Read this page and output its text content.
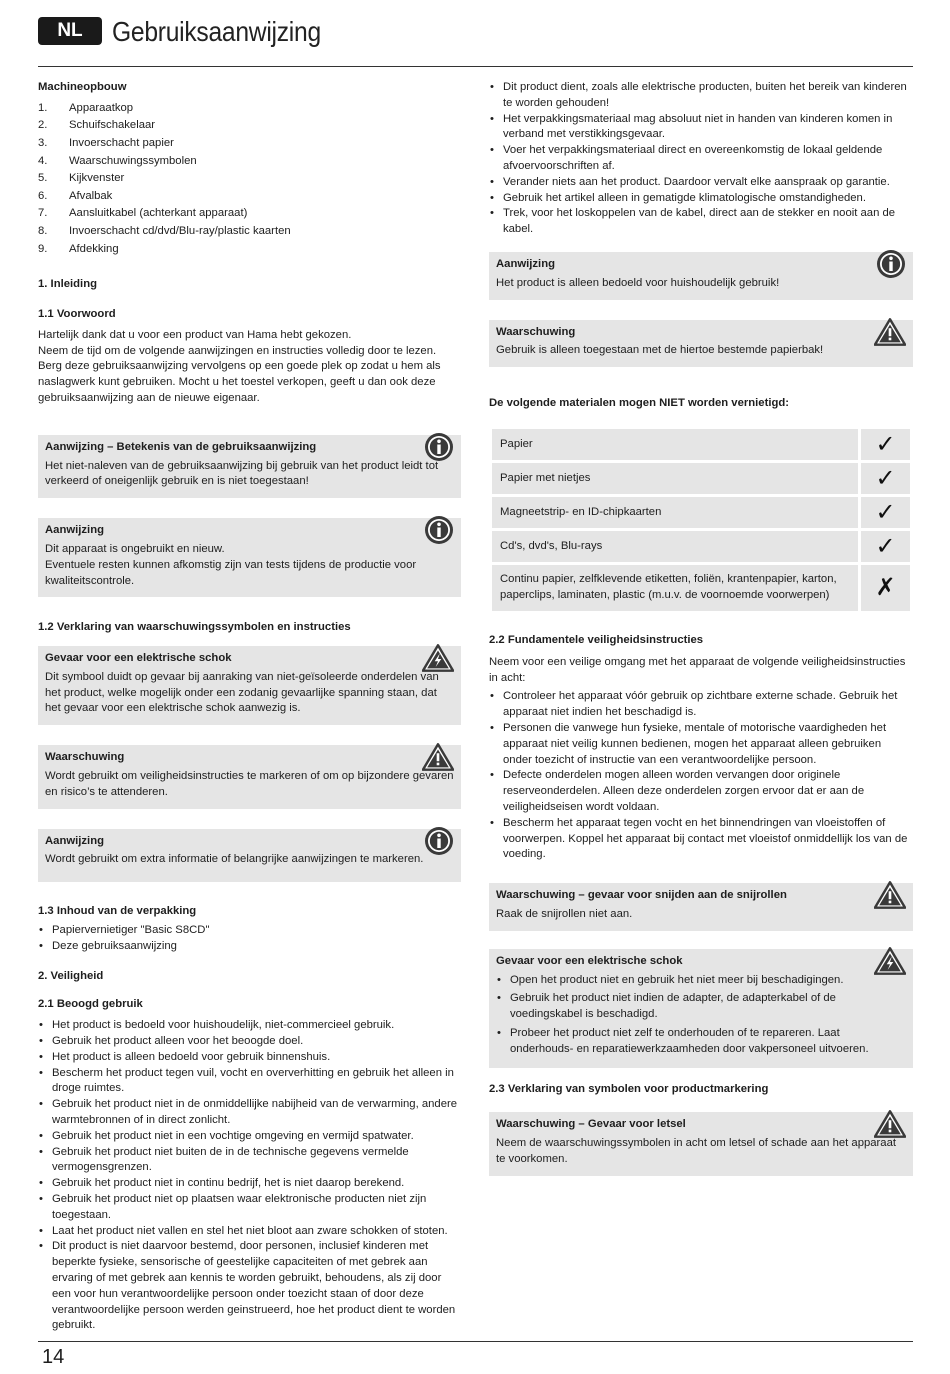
NL	Gebruiksaanwijzing
Machineopbouw
1. Apparaatkop
2. Schuifschakelaar
3. Invoerschacht papier
4. Waarschuwingssymbolen
5. Kijkvenster
6. Afvalbak
7. Aansluitkabel (achterkant apparaat)
8. Invoerschacht cd/dvd/Blu-ray/plastic kaarten
9. Afdekking
1. Inleiding
1.1 Voorwoord

Hartelijk dank dat u voor een product van Hama hebt gekozen.

Neem de tijd om de volgende aanwijzingen en instructies volledig door te lezen. Berg deze gebruiksaanwijzing vervolgens op een goede plek op zodat u hem als naslagwerk kunt gebruiken. Mocht u het toestel verkopen, geeft u dan ook deze gebruiksaanwijzing aan de nieuwe eigenaar.

Aanwijzing – Betekenis van de gebruiksaanwijzing

Het niet-naleven van de gebruiksaanwijzing bij gebruik van het product leidt tot verkeerd of oneigenlijk gebruik en is niet toegestaan!

Aanwijzing

Dit apparaat is ongebruikt en nieuw.

Eventuele resten kunnen afkomstig zijn van tests tijdens de productie voor kwaliteitscontrole.

1.2 Verklaring van waarschuwingssymbolen en instructies
Gevaar voor een elektrische schok

Dit symbool duidt op gevaar bij aanraking van niet-geïsoleerde onderdelen van het product, welke mogelijk onder een zodanig gevaarlijke spanning staan, dat het gevaar voor een elektrische schok aanwezig is.

Waarschuwing

Wordt gebruikt om veiligheidsinstructies te markeren of om op bijzondere gevaren en risico’s te attenderen.

Aanwijzing

Wordt gebruikt om extra informatie of belangrijke aanwijzingen te markeren.

1.3 Inhoud van de verpakking
• Papiervernietiger "Basic S8CD"
• Deze gebruiksaanwijzing
2. Veiligheid
2.1 Beoogd gebruik
• Het product is bedoeld voor huishoudelijk, niet-commercieel gebruik.
• Gebruik het product alleen voor het beoogde doel.
• Het product is alleen bedoeld voor gebruik binnenshuis.
• Bescherm het product tegen vuil, vocht en oververhitting en gebruik het alleen in droge ruimtes.
• Gebruik het product niet in de onmiddellijke nabijheid van de verwarming, andere warmtebronnen of in direct zonlicht.
• Gebruik het product niet in een vochtige omgeving en vermijd spatwater.
• Gebruik het product niet buiten de in de technische gegevens vermelde vermogensgrenzen.
• Gebruik het product niet in continu bedrijf, het is niet daarop berekend.
• Gebruik het product niet op plaatsen waar elektronische producten niet zijn toegestaan.
• Laat het product niet vallen en stel het niet bloot aan zware schokken of stoten.
• Dit product is niet daarvoor bestemd, door personen, inclusief kinderen met beperkte fysieke, sensorische of geestelijke capaciteiten of met gebrek aan ervaring of met gebrek aan kennis te worden gebruikt, behoudens, als zij door een voor hun verantwoordelijke persoon onder toezicht staan of door deze verantwoordelijke persoon werden geinstrueerd, hoe het product dient te worden gebruikt.
• Dit product dient, zoals alle elektrische producten, buiten het bereik van kinderen te worden gehouden!
• Het verpakkingsmateriaal mag absoluut niet in handen van kinderen komen in verband met verstikkingsgevaar.
• Voer het verpakkingsmateriaal direct en overeenkomstig de lokaal geldende afvoervoorschriften af.
• Verander niets aan het product. Daardoor vervalt elke aanspraak op garantie.
• Gebruik het artikel alleen in gematigde klimatologische omstandigheden.
• Trek, voor het loskoppelen van de kabel, direct aan de stekker en nooit aan de kabel.
Aanwijzing

Het product is alleen bedoeld voor huishoudelijk gebruik!

Waarschuwing

Gebruik is alleen toegestaan met de hiertoe bestemde papierbak!

De volgende materialen mogen NIET worden vernietigd:
Papier	✓
Papier met nietjes	✓
Magneetstrip- en ID-chipkaarten	✓
Cd's, dvd's, Blu-rays	✓
Continu papier, zelfklevende etiketten, foliën, krantenpapier, karton, paperclips, laminaten, plastic (m.u.v. de voornoemde voorwerpen)	✗
2.2 Fundamentele veiligheidsinstructies

Neem voor een veilige omgang met het apparaat de volgende veiligheidsinstructies in acht:

• Controleer het apparaat vóór gebruik op zichtbare externe schade. Gebruik het apparaat niet indien het beschadigd is.
• Personen die vanwege hun fysieke, mentale of motorische vaardigheden het apparaat niet veilig kunnen bedienen, mogen het apparaat alleen gebruiken onder toezicht of instructie van een verantwoordelijke persoon.
• Defecte onderdelen mogen alleen worden vervangen door originele reserveonderdelen. Alleen deze onderdelen zorgen ervoor dat er aan de veiligheidseisen wordt voldaan.
• Bescherm het apparaat tegen vocht en het binnendringen van vloeistoffen of voorwerpen. Koppel het apparaat bij contact met vloeistof onmiddellijk los van de voeding.
Waarschuwing – gevaar voor snijden aan de snijrollen

Raak de snijrollen niet aan.

Gevaar voor een elektrische schok
• Open het product niet en gebruik het niet meer bij beschadigingen.
• Gebruik het product niet indien de adapter, de adapterkabel of de voedingskabel is beschadigd.
• Probeer het product niet zelf te onderhouden of te repareren. Laat onderhouds- en reparatiewerkzaamheden door vakpersoneel uitvoeren.
2.3 Verklaring van symbolen voor productmarkering
Waarschuwing – Gevaar voor letsel

Neem de waarschuwingssymbolen in acht om letsel of schade aan het apparaat te voorkomen.

14
